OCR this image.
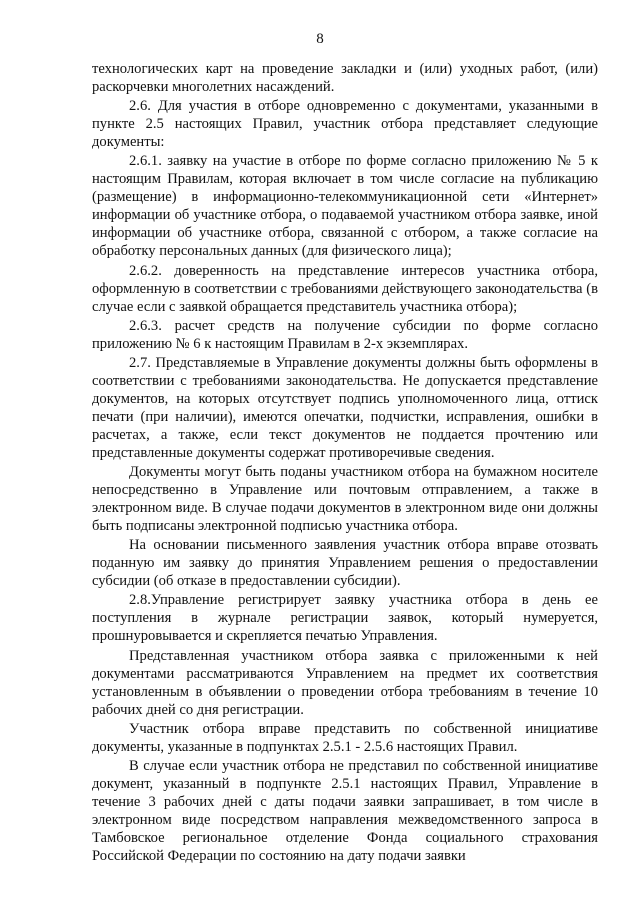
8

технологических карт на проведение закладки и (или) уходных работ, (или) раскорчевки многолетних насаждений.

2.6. Для участия в отборе одновременно с документами, указанными в пункте 2.5 настоящих Правил, участник отбора представляет следующие документы:

2.6.1. заявку на участие в отборе по форме согласно приложению № 5 к настоящим Правилам, которая включает в том числе согласие на публикацию (размещение) в информационно-телекоммуникационной сети «Интернет» информации об участнике отбора, о подаваемой участником отбора заявке, иной информации об участнике отбора, связанной с отбором, а также согласие на обработку персональных данных (для физического лица);

2.6.2. доверенность на представление интересов участника отбора, оформленную в соответствии с требованиями действующего законодательства (в случае если с заявкой обращается представитель участника отбора);

2.6.3. расчет средств на получение субсидии по форме согласно приложению № 6 к настоящим Правилам в 2-х экземплярах.

2.7. Представляемые в Управление документы должны быть оформлены в соответствии с требованиями законодательства. Не допускается представление документов, на которых отсутствует подпись уполномоченного лица, оттиск печати (при наличии), имеются опечатки, подчистки, исправления, ошибки в расчетах, а также, если текст документов не поддается прочтению или представленные документы содержат противоречивые сведения.

Документы могут быть поданы участником отбора на бумажном носителе непосредственно в Управление или почтовым отправлением, а также в электронном виде. В случае подачи документов в электронном виде они должны быть подписаны электронной подписью участника отбора.

На основании письменного заявления участник отбора вправе отозвать поданную им заявку до принятия Управлением решения о предоставлении субсидии (об отказе в предоставлении субсидии).

2.8.Управление регистрирует заявку участника отбора в день ее поступления в журнале регистрации заявок, который нумеруется, прошнуровывается и скрепляется печатью Управления.

Представленная участником отбора заявка с приложенными к ней документами рассматриваются Управлением на предмет их соответствия установленным в объявлении о проведении отбора требованиям в течение 10 рабочих дней со дня регистрации.

Участник отбора вправе представить по собственной инициативе документы, указанные в подпунктах 2.5.1 - 2.5.6 настоящих Правил.

В случае если участник отбора не представил по собственной инициативе документ, указанный в подпункте 2.5.1 настоящих Правил, Управление в течение 3 рабочих дней с даты подачи заявки запрашивает, в том числе в электронном виде посредством направления межведомственного запроса в Тамбовское региональное отделение Фонда социального страхования Российской Федерации по состоянию на дату подачи заявки
